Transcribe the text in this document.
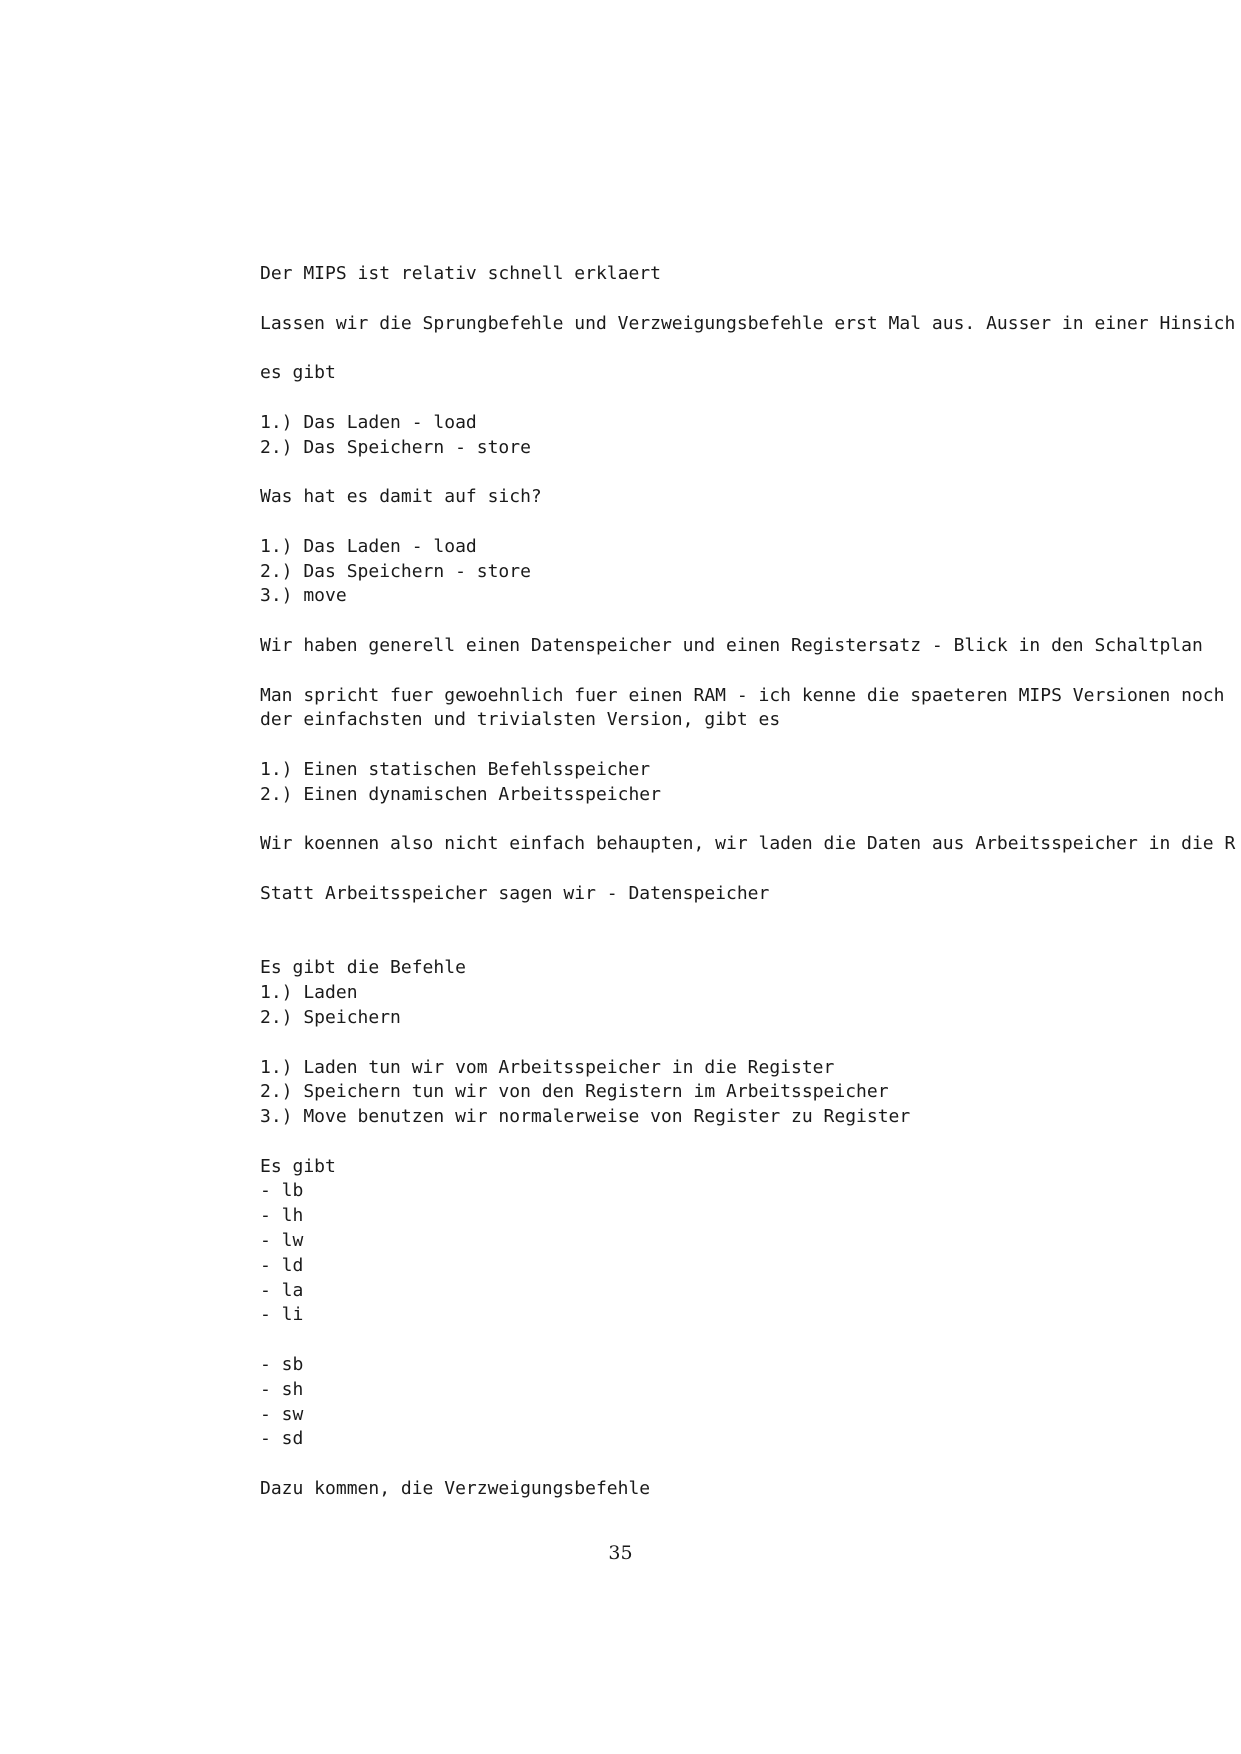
Der MIPS ist relativ schnell erklaert
Lassen wir die Sprungbefehle und Verzweigungsbefehle erst Mal aus. Ausser in einer Hinsich
es gibt
1.) Das Laden - load
2.) Das Speichern - store
Was hat es damit auf sich?
1.) Das Laden - load
2.) Das Speichern - store
3.) move
Wir haben generell einen Datenspeicher und einen Registersatz - Blick in den Schaltplan
Man spricht fuer gewoehnlich fuer einen RAM - ich kenne die spaeteren MIPS Versionen noch
der einfachsten und trivialsten Version, gibt es
1.) Einen statischen Befehlsspeicher
2.) Einen dynamischen Arbeitsspeicher
Wir koennen also nicht einfach behaupten, wir laden die Daten aus Arbeitsspeicher in die R
Statt Arbeitsspeicher sagen wir - Datenspeicher
Es gibt die Befehle
1.) Laden
2.) Speichern
1.) Laden tun wir vom Arbeitsspeicher in die Register
2.) Speichern tun wir von den Registern im Arbeitsspeicher
3.) Move benutzen wir normalerweise von Register zu Register
Es gibt
- lb
- lh
- lw
- ld
- la
- li
- sb
- sh
- sw
- sd
Dazu kommen, die Verzweigungsbefehle
35
